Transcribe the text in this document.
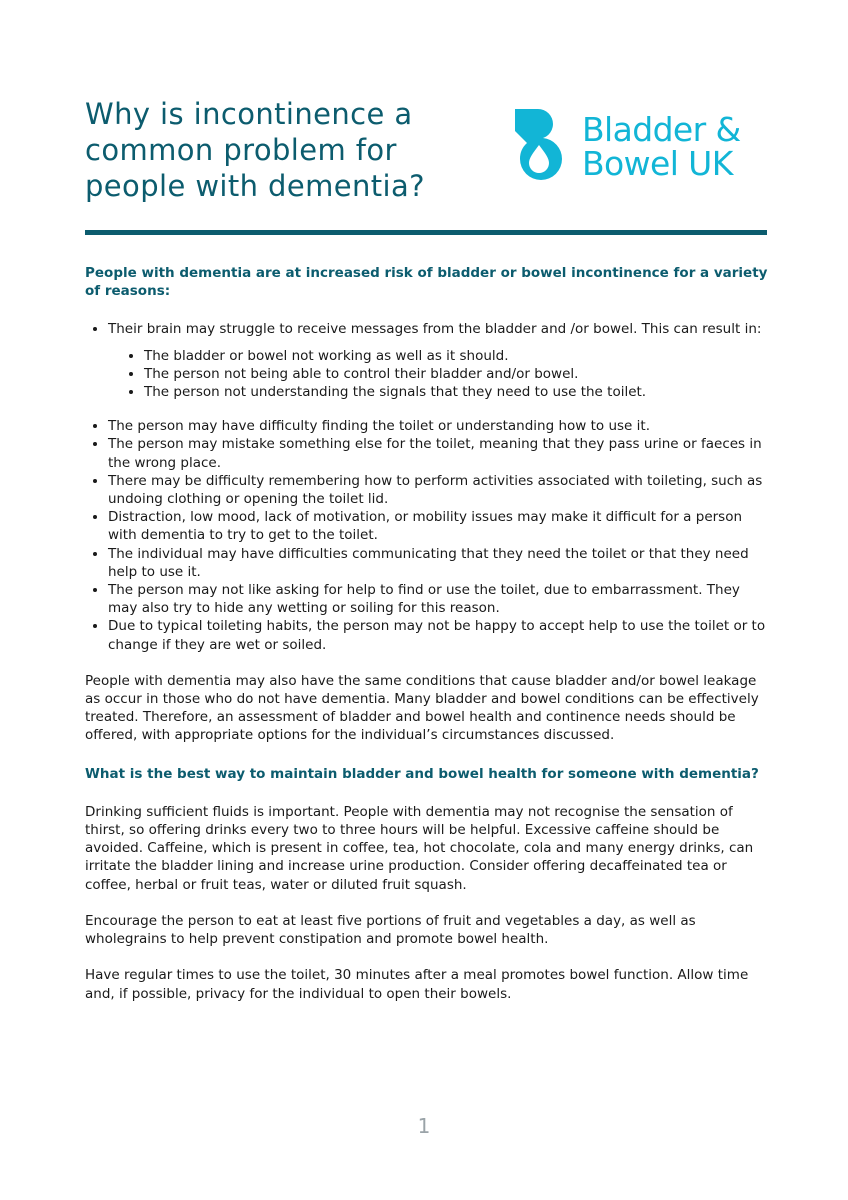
Why is incontinence a common problem for people with dementia?
Bladder &
Bowel UK

People with dementia are at increased risk of bladder or bowel incontinence for a variety of reasons:

• Their brain may struggle to receive messages from the bladder and /or bowel. This can result in:
• The bladder or bowel not working as well as it should.
• The person not being able to control their bladder and/or bowel.
• The person not understanding the signals that they need to use the toilet.
• The person may have difficulty finding the toilet or understanding how to use it.
• The person may mistake something else for the toilet, meaning that they pass urine or faeces in the wrong place.
• There may be difficulty remembering how to perform activities associated with toileting, such as undoing clothing or opening the toilet lid.
• Distraction, low mood, lack of motivation, or mobility issues may make it difficult for a person with dementia to try to get to the toilet.
• The individual may have difficulties communicating that they need the toilet or that they need help to use it.
• The person may not like asking for help to find or use the toilet, due to embarrassment. They may also try to hide any wetting or soiling for this reason.
• Due to typical toileting habits, the person may not be happy to accept help to use the toilet or to change if they are wet or soiled.

People with dementia may also have the same conditions that cause bladder and/or bowel leakage as occur in those who do not have dementia. Many bladder and bowel conditions can be effectively treated. Therefore, an assessment of bladder and bowel health and continence needs should be offered, with appropriate options for the individual’s circumstances discussed.

What is the best way to maintain bladder and bowel health for someone with dementia?

Drinking sufficient fluids is important. People with dementia may not recognise the sensation of thirst, so offering drinks every two to three hours will be helpful. Excessive caffeine should be avoided. Caffeine, which is present in coffee, tea, hot chocolate, cola and many energy drinks, can irritate the bladder lining and increase urine production. Consider offering decaffeinated tea or coffee, herbal or fruit teas, water or diluted fruit squash.

Encourage the person to eat at least five portions of fruit and vegetables a day, as well as wholegrains to help prevent constipation and promote bowel health.

Have regular times to use the toilet, 30 minutes after a meal promotes bowel function. Allow time and, if possible, privacy for the individual to open their bowels.

1
